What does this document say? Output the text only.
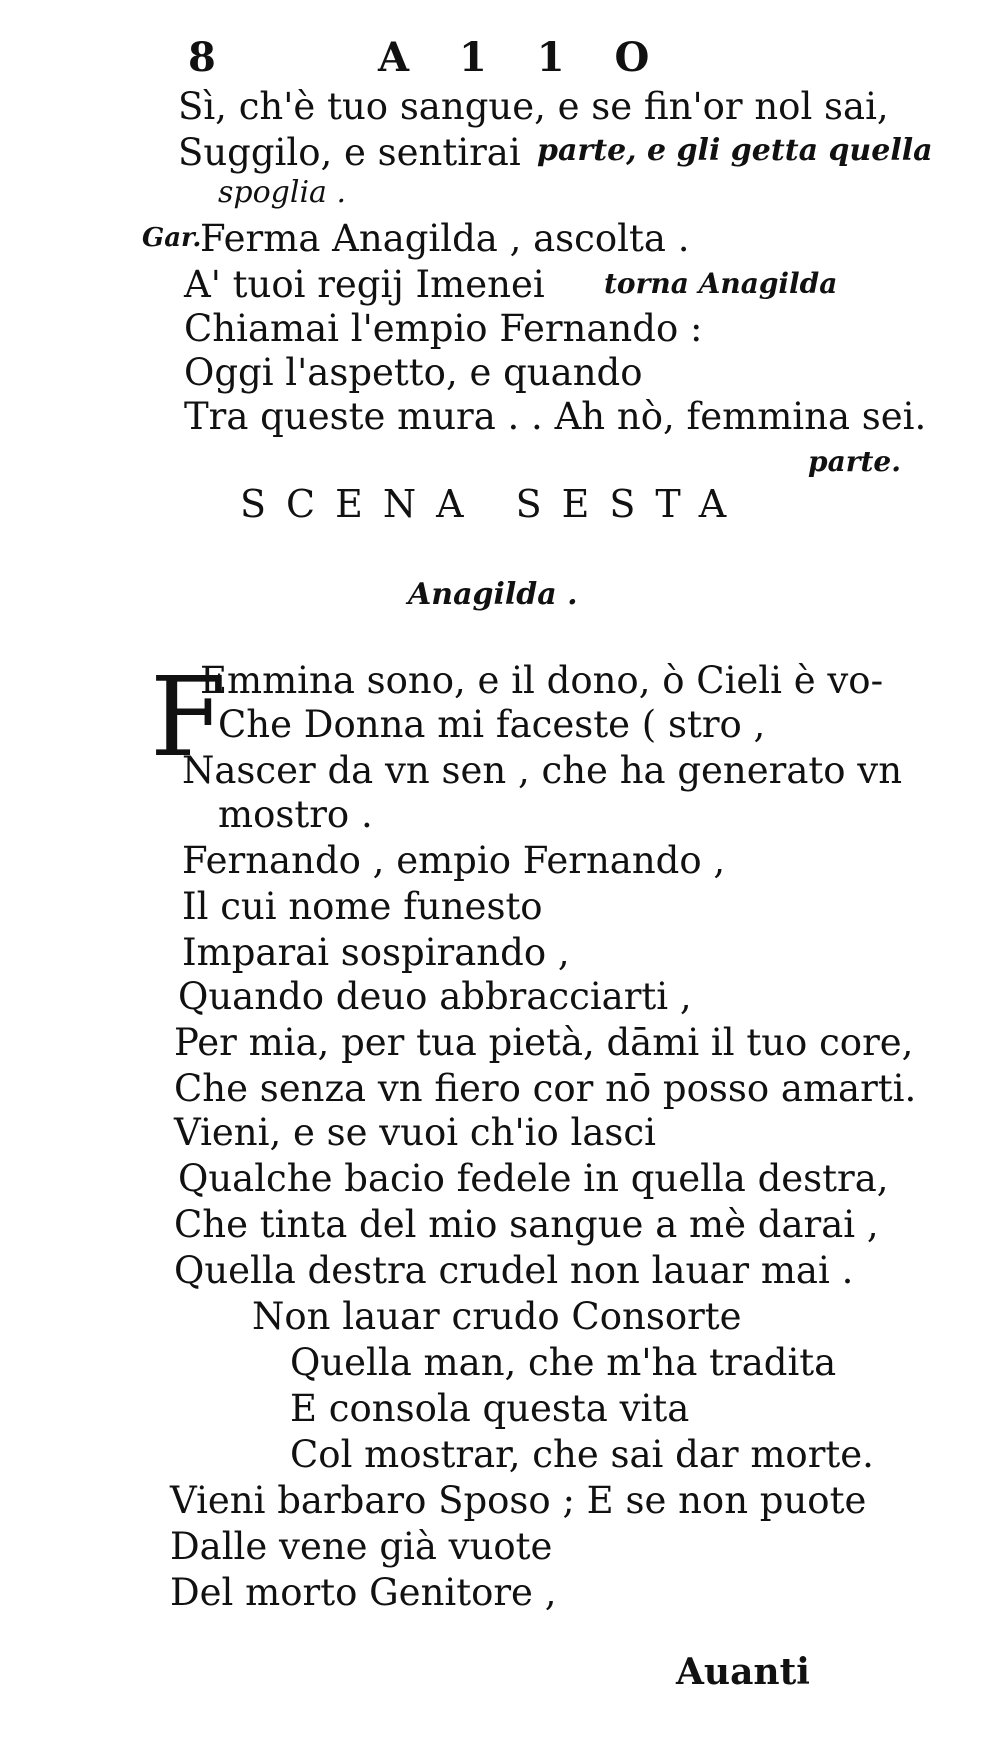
8	A 1 1 O
Sì, ch'è tuo sangue, e se fin'or nol sai,
Suggilo, e sentirai parte, e gli getta quella
spoglia .
Gar.
Ferma Anagilda , ascolta .
A' tuoi regij Imenei torna Anagilda
Chiamai l'empio Fernando :
Oggi l'aspetto, e quando
Tra queste mura . . Ah nò, femmina sei.
parte.
SCENA SESTA
Anagilda .
F
Emmina sono, e il dono, ò Cieli è vo-
Che Donna mi faceste ( stro ,
Nascer da vn sen , che ha generato vn
mostro .
Fernando , empio Fernando ,
Il cui nome funesto
Imparai sospirando ,
Quando deuo abbracciarti ,
Per mia, per tua pietà, dāmi il tuo core,
Che senza vn fiero cor nō posso amarti.
Vieni, e se vuoi ch'io lasci
Qualche bacio fedele in quella destra,
Che tinta del mio sangue a mè darai ,
Quella destra crudel non lauar mai .
Non lauar crudo Consorte
Quella man, che m'ha tradita
E consola questa vita
Col mostrar, che sai dar morte.
Vieni barbaro Sposo ; E se non puote
Dalle vene già vuote
Del morto Genitore ,
Auanti
